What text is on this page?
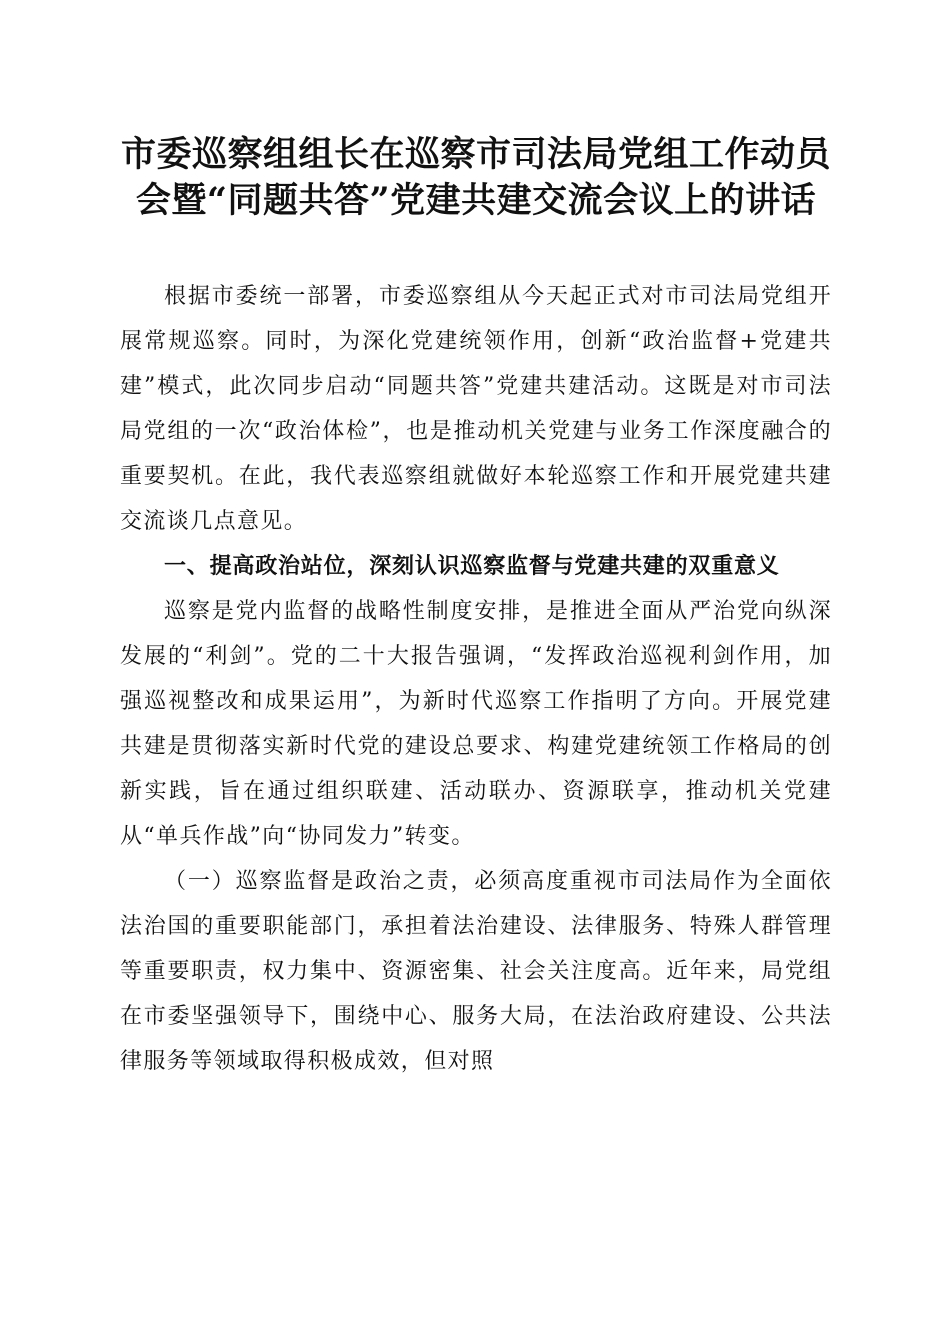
市委巡察组组长在巡察市司法局党组工作动员会暨“同题共答”党建共建交流会议上的讲话

根据市委统一部署，市委巡察组从今天起正式对市司法局党组开展常规巡察。同时，为深化党建统领作用，创新“政治监督+党建共建”模式，此次同步启动“同题共答”党建共建活动。这既是对市司法局党组的一次“政治体检”，也是推动机关党建与业务工作深度融合的重要契机。在此，我代表巡察组就做好本轮巡察工作和开展党建共建交流谈几点意见。

一、提高政治站位，深刻认识巡察监督与党建共建的双重意义

巡察是党内监督的战略性制度安排，是推进全面从严治党向纵深发展的“利剑”。党的二十大报告强调，“发挥政治巡视利剑作用，加强巡视整改和成果运用”，为新时代巡察工作指明了方向。开展党建共建是贯彻落实新时代党的建设总要求、构建党建统领工作格局的创新实践，旨在通过组织联建、活动联办、资源联享，推动机关党建从“单兵作战”向“协同发力”转变。

（一）巡察监督是政治之责，必须高度重视市司法局作为全面依法治国的重要职能部门，承担着法治建设、法律服务、特殊人群管理等重要职责，权力集中、资源密集、社会关注度高。近年来，局党组在市委坚强领导下，围绕中心、服务大局，在法治政府建设、公共法律服务等领域取得积极成效，但对照
